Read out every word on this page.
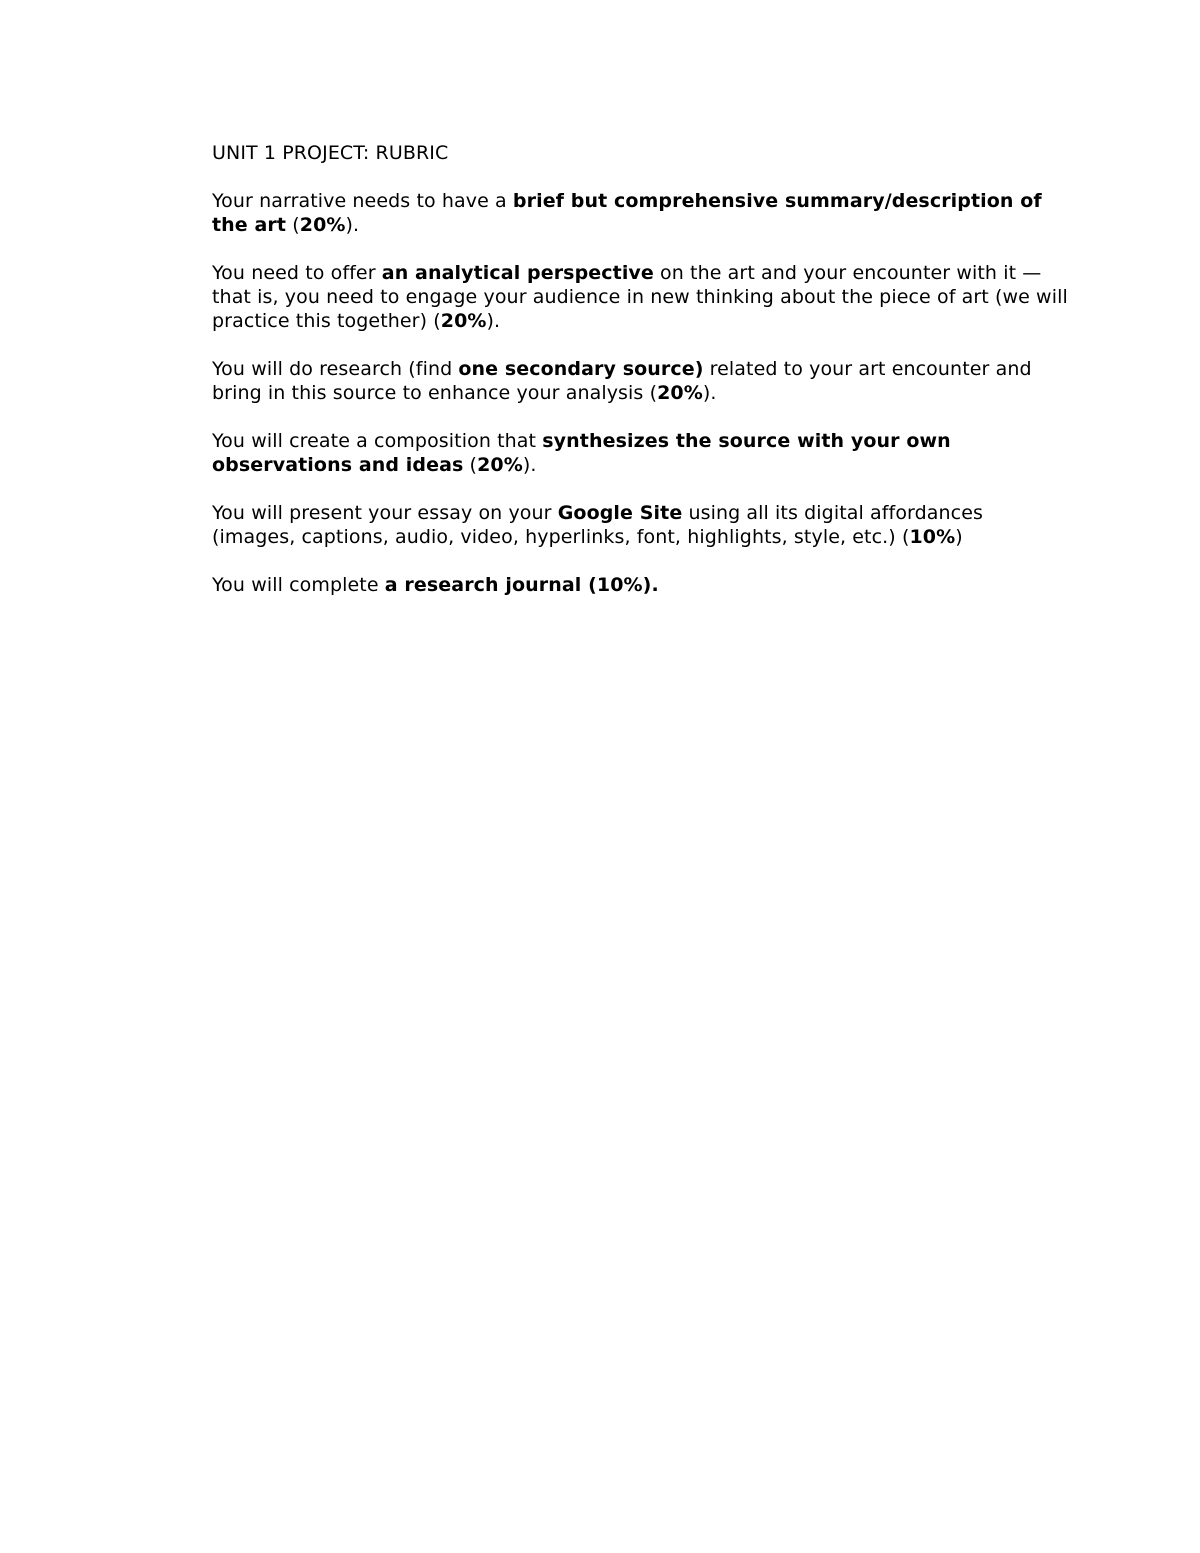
UNIT 1 PROJECT: RUBRIC

Your narrative needs to have a brief but comprehensive summary/description of the art (20%).

You need to offer an analytical perspective on the art and your encounter with it — that is, you need to engage your audience in new thinking about the piece of art (we will practice this together) (20%).

You will do research (find one secondary source) related to your art encounter and bring in this source to enhance your analysis (20%).

You will create a composition that synthesizes the source with your own observations and ideas (20%).

You will present your essay on your Google Site using all its digital affordances (images, captions, audio, video, hyperlinks, font, highlights, style, etc.) (10%)

You will complete a research journal (10%).
